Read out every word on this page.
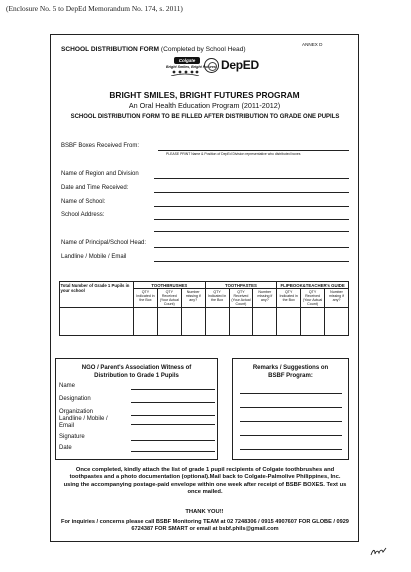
(Enclosure No. 5 to DepEd Memorandum No. 174, s. 2011)
ANNEX D
SCHOOL DISTRIBUTION FORM (Completed by School Head)
Colgate
Bright Smiles, Bright Futures DepED
BRIGHT SMILES, BRIGHT FUTURES PROGRAM
An Oral Health Education Program (2011-2012)
SCHOOL DISTRIBUTION FORM TO BE FILLED AFTER DISTRIBUTION TO GRADE ONE PUPILS
BSBF Boxes Received From:
PLEASE PRINT Name & Position of DepEd Division representative who distributed boxes
Name of Region and Division
Date and Time Received:
Name of School:
School Address:
Name of Principal/School Head:
Landline / Mobile / Email
Total Number of Grade 1 Pupils in your school	TOOTHBRUSHES			TOOTHPASTES			FLIPBOOK&TEACHER's GUIDE		
	QTY Indicated in the Box	QTY Received (Your Actual Count)	Number missing if any?	QTY Indicated in the Box	QTY Received (Your Actual Count)	Number missing if any?	QTY Indicated in the Box	QTY Received (Your Actual Count)	Number missing if any?

NGO / Parent's Association Witness of Distribution to Grade 1 Pupils
Name
Designation
Organization
Landline / Mobile / Email
Signature
Date
Remarks / Suggestions on BSBF Program:
Once completed, kindly attach the list of grade 1 pupil recipients of Colgate toothbrushes and toothpastes and a photo documentation (optional).Mail back to Colgate-Palmolive Philippines, Inc. using the accompanying postage-paid envelope within one week after receipt of BSBF BOXES. Text us once mailed.
THANK YOU!!
For inquiries / concerns please call BSBF Monitoring TEAM at 02 7248306 / 0915 4907607 FOR GLOBE / 0929 6724387 FOR SMART or email at bsbf.phils@gmail.com
